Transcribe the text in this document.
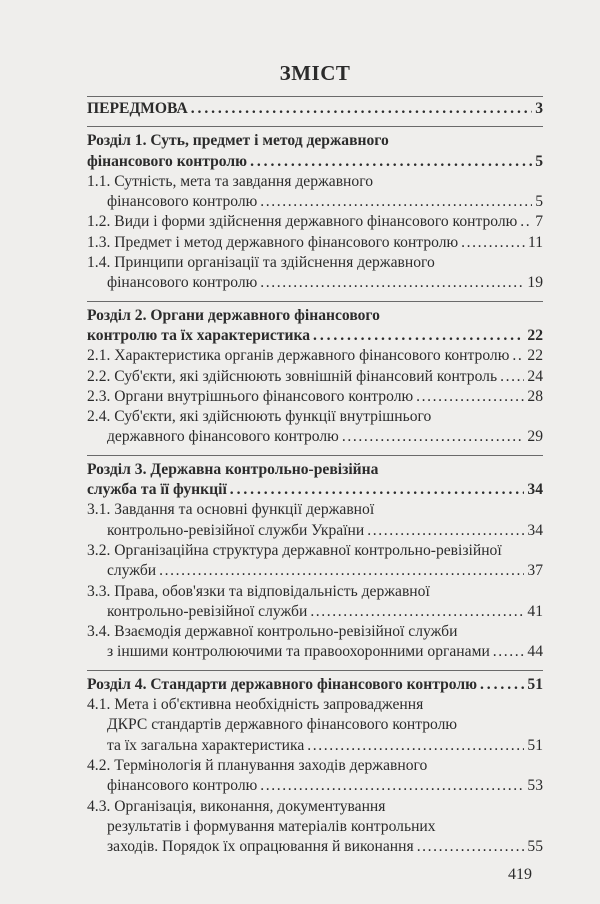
ЗМІСТ
ПЕРЕДМОВА . . .	3
Розділ 1. Суть, предмет і метод державного
фінансового контролю . . .	5
1.1. Сутність, мета та завдання державного
фінансового контролю .....	5
1.2. Види і форми здійснення державного фінансового контролю ..... 7
1.3. Предмет і метод державного фінансового контролю .....	11
1.4. Принципи організації та здійснення державного
фінансового контролю .....	19
Розділ 2. Органи державного фінансового
контролю та їх характеристика . . .	22
2.1. Характеристика органів державного фінансового контролю ..... 22
2.2. Суб'єкти, які здійснюють зовнішній фінансовий контроль ..... 24
2.3. Органи внутрішнього фінансового контролю .....	28
2.4. Суб'єкти, які здійснюють функції внутрішнього
державного фінансового контролю .....	29
Розділ 3. Державна контрольно-ревізійна
служба та її функції . . .	34
3.1. Завдання та основні функції державної
контрольно-ревізійної служби України .....	34
3.2. Організаційна структура державної контрольно-ревізійної
служби .....	37
3.3. Права, обов'язки та відповідальність державної
контрольно-ревізійної служби .....	41
3.4. Взаємодія державної контрольно-ревізійної служби
з іншими контролюючими та правоохоронними органами ..... 44
Розділ 4. Стандарти державного фінансового контролю . . .	51
4.1. Мета і об'єктивна необхідність запровадження
ДКРС стандартів державного фінансового контролю
та їх загальна характеристика .....	51
4.2. Термінологія й планування заходів державного
фінансового контролю .....	53
4.3. Організація, виконання, документування
результатів і формування матеріалів контрольних
заходів. Порядок їх опрацювання й виконання .....	55
419
